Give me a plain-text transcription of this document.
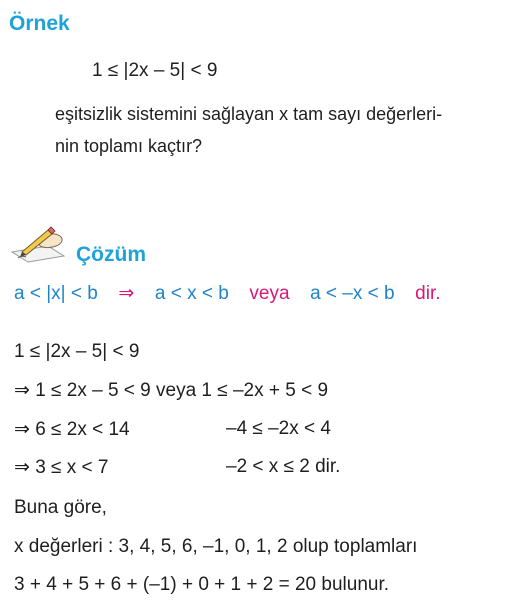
Örnek
1 ≤ |2x – 5| < 9
eşitsizlik sistemini sağlayan x tam sayı değerleri-
nin toplamı kaçtır?
Çözüm
a < |x| < b ⇒ a < x < b veya a < –x < b dir.
1 ≤ |2x – 5| < 9
⇒ 1 ≤ 2x – 5 < 9 veya 1 ≤ –2x + 5 < 9
⇒ 6 ≤ 2x < 14	–4 ≤ –2x < 4
⇒ 3 ≤ x < 7	–2 < x ≤ 2 dir.
Buna göre,
x değerleri : 3, 4, 5, 6, –1, 0, 1, 2 olup toplamları
3 + 4 + 5 + 6 + (–1) + 0 + 1 + 2 = 20 bulunur.
